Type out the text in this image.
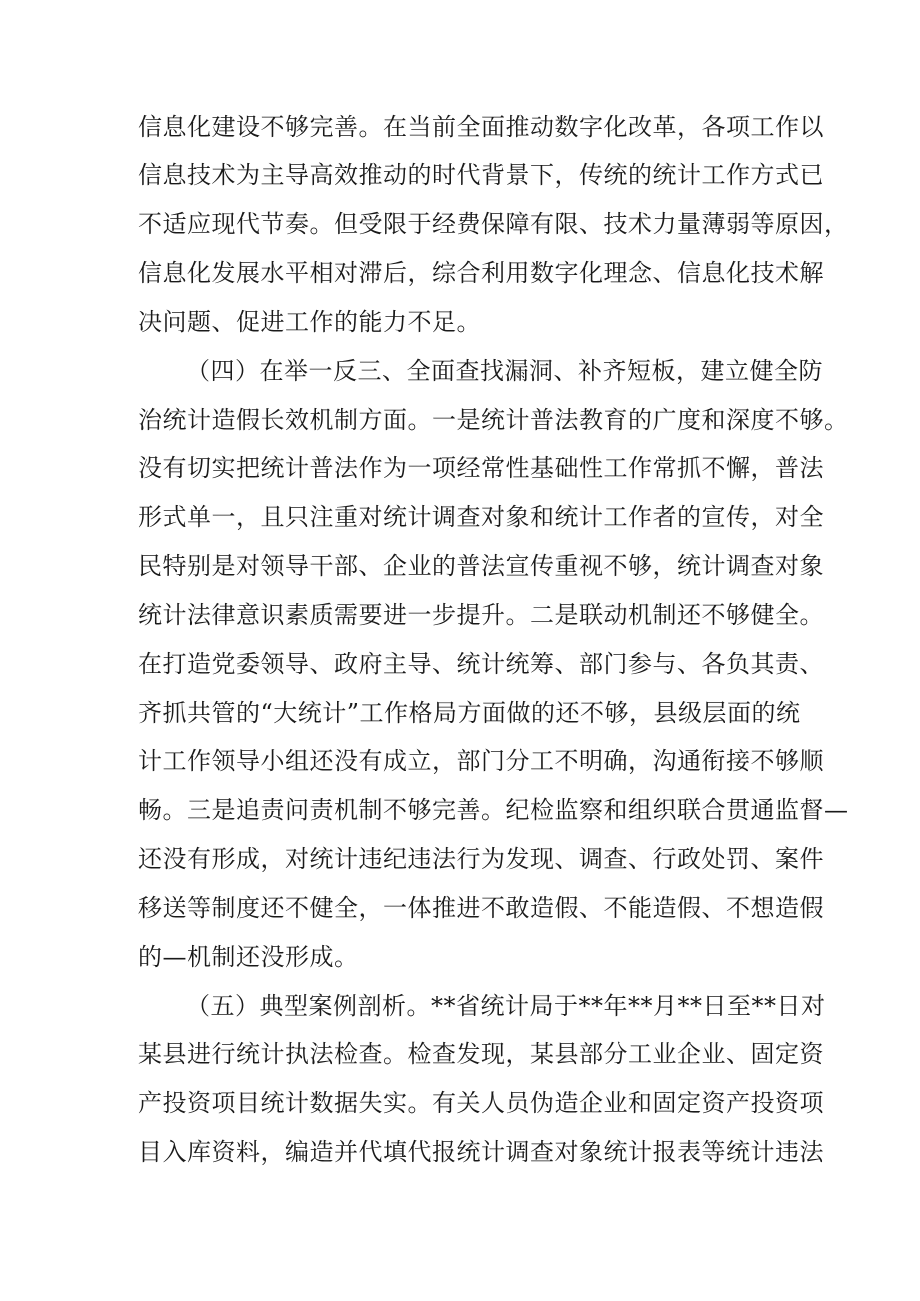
信息化建设不够完善。在当前全面推动数字化改革，各项工作以
信息技术为主导高效推动的时代背景下，传统的统计工作方式已
不适应现代节奏。但受限于经费保障有限、技术力量薄弱等原因，
信息化发展水平相对滞后，综合利用数字化理念、信息化技术解
决问题、促进工作的能力不足。
（四）在举一反三、全面查找漏洞、补齐短板，建立健全防
治统计造假长效机制方面。一是统计普法教育的广度和深度不够。
没有切实把统计普法作为一项经常性基础性工作常抓不懈，普法
形式单一，且只注重对统计调查对象和统计工作者的宣传，对全
民特别是对领导干部、企业的普法宣传重视不够，统计调查对象
统计法律意识素质需要进一步提升。二是联动机制还不够健全。
在打造党委领导、政府主导、统计统筹、部门参与、各负其责、
齐抓共管的“大统计”工作格局方面做的还不够，县级层面的统
计工作领导小组还没有成立，部门分工不明确，沟通衔接不够顺
畅。三是追责问责机制不够完善。纪检监察和组织联合贯通监督—
还没有形成，对统计违纪违法行为发现、调查、行政处罚、案件
移送等制度还不健全，一体推进不敢造假、不能造假、不想造假
的—机制还没形成。
（五）典型案例剖析。**省统计局于**年**月**日至**日对
某县进行统计执法检查。检查发现，某县部分工业企业、固定资
产投资项目统计数据失实。有关人员伪造企业和固定资产投资项
目入库资料，编造并代填代报统计调查对象统计报表等统计违法
